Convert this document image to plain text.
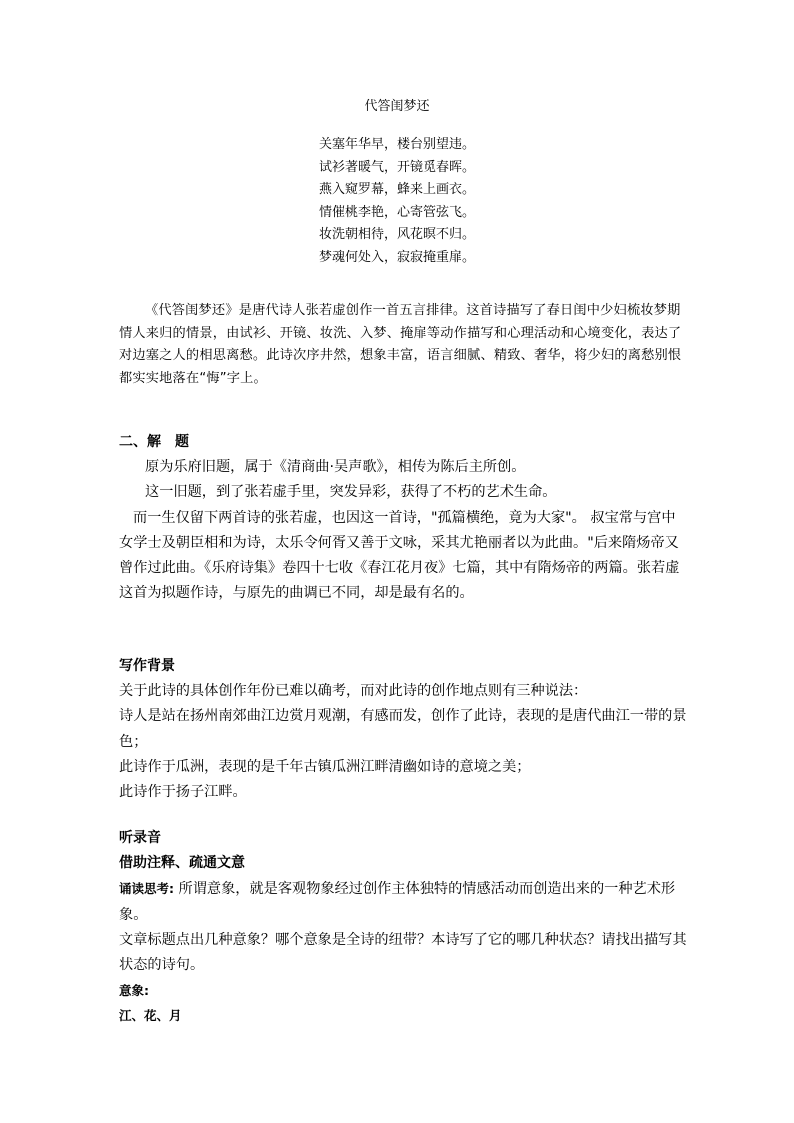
代答闺梦还
关塞年华早，楼台别望违。
试衫著暖气，开镜觅春晖。
燕入窥罗幕，蜂来上画衣。
情催桃李艳，心寄管弦飞。
妆洗朝相待，风花暝不归。
梦魂何处入，寂寂掩重扉。

《代答闺梦还》是唐代诗人张若虚创作一首五言排律。这首诗描写了春日闺中少妇梳妆梦期情人来归的情景，由试衫、开镜、妆洗、入梦、掩扉等动作描写和心理活动和心境变化，表达了对边塞之人的相思离愁。此诗次序井然，想象丰富，语言细腻、精致、奢华，将少妇的离愁别恨都实实地落在“悔”字上。

二、解　题

原为乐府旧题，属于《清商曲·吴声歌》，相传为陈后主所创。

这一旧题，到了张若虚手里，突发异彩，获得了不朽的艺术生命。

而一生仅留下两首诗的张若虚，也因这一首诗，"孤篇横绝，竟为大家"。 叔宝常与宫中女学士及朝臣相和为诗，太乐令何胥又善于文咏，采其尤艳丽者以为此曲。"后来隋炀帝又曾作过此曲。《乐府诗集》卷四十七收《春江花月夜》七篇，其中有隋炀帝的两篇。张若虚这首为拟题作诗，与原先的曲调已不同，却是最有名的。

写作背景

关于此诗的具体创作年份已难以确考，而对此诗的创作地点则有三种说法：

诗人是站在扬州南郊曲江边赏月观潮，有感而发，创作了此诗，表现的是唐代曲江一带的景色；

此诗作于瓜洲，表现的是千年古镇瓜洲江畔清幽如诗的意境之美；

此诗作于扬子江畔。

听录音

借助注释、疏通文意

诵读思考: 所谓意象，就是客观物象经过创作主体独特的情感活动而创造出来的一种艺术形象。

文章标题点出几种意象？哪个意象是全诗的纽带？本诗写了它的哪几种状态？请找出描写其状态的诗句。

意象:

江、花、月
